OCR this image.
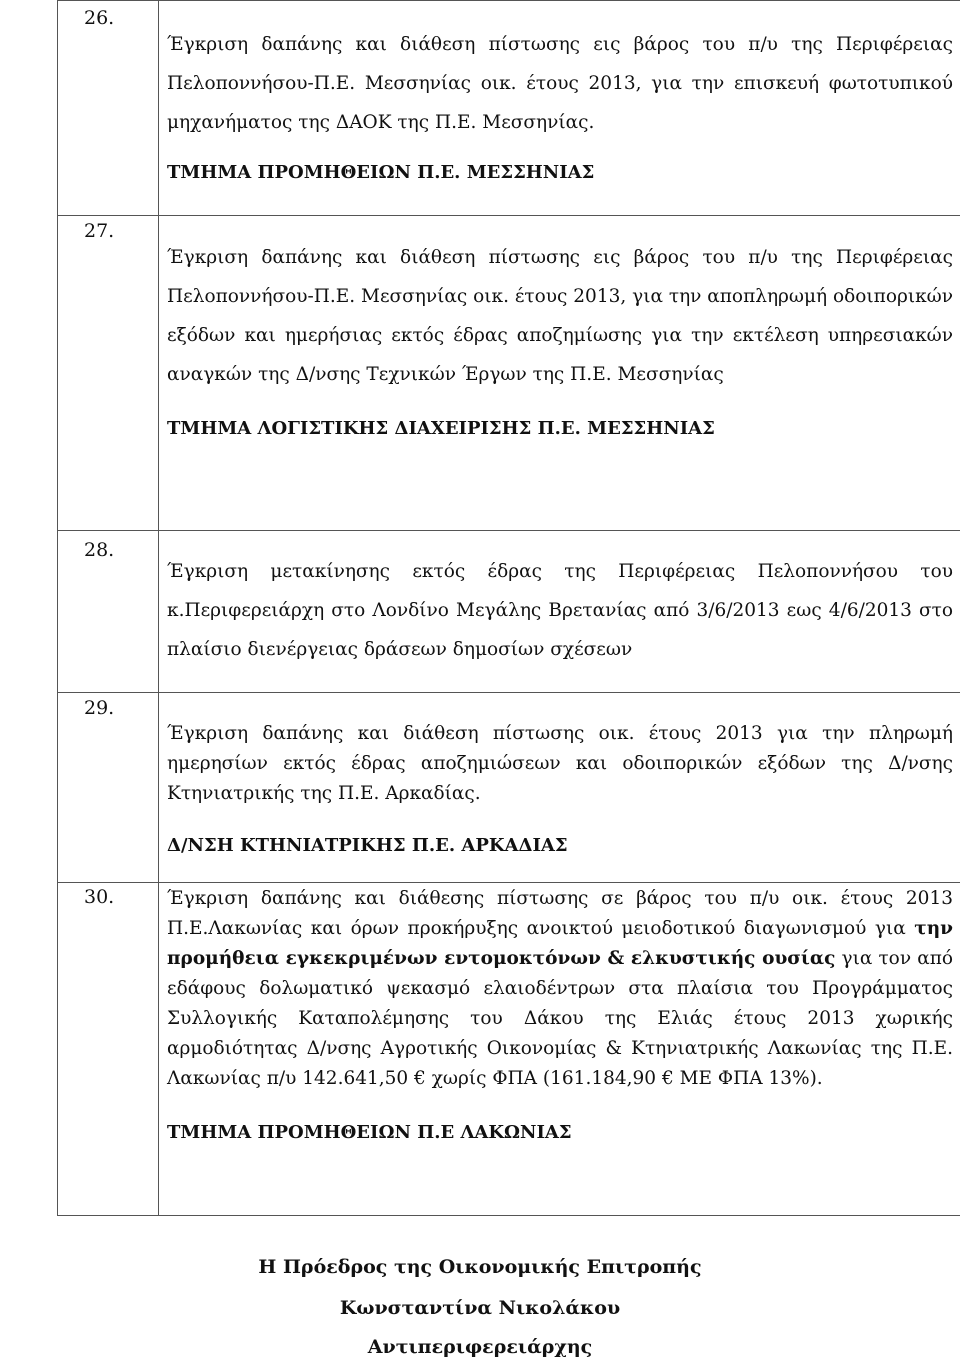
26.	Έγκριση δαπάνης και διάθεση πίστωσης εις βάρος του π/υ της Περιφέρειας Πελοποννήσου-Π.Ε. Μεσσηνίας οικ. έτους 2013, για την επισκευή φωτοτυπικού μηχανήματος της ΔΑΟΚ της Π.Ε. Μεσσηνίας.
ΤΜΗΜΑ ΠΡΟΜΗΘΕΙΩΝ Π.Ε. ΜΕΣΣΗΝΙΑΣ

27.	Έγκριση δαπάνης και διάθεση πίστωσης εις βάρος του π/υ της Περιφέρειας Πελοποννήσου-Π.Ε. Μεσσηνίας οικ. έτους 2013, για την αποπληρωμή οδοιπορικών εξόδων και ημερήσιας εκτός έδρας αποζημίωσης για την εκτέλεση υπηρεσιακών αναγκών της Δ/νσης Τεχνικών Έργων της Π.Ε. Μεσσηνίας
ΤΜΗΜΑ ΛΟΓΙΣΤΙΚΗΣ ΔΙΑΧΕΙΡΙΣΗΣ Π.Ε. ΜΕΣΣΗΝΙΑΣ

28.	Έγκριση μετακίνησης εκτός έδρας της Περιφέρειας Πελοποννήσου του κ.Περιφερειάρχη στο Λονδίνο Μεγάλης Βρετανίας από 3/6/2013 εως 4/6/2013 στο πλαίσιο διενέργειας δράσεων δημοσίων σχέσεων

29.	Έγκριση δαπάνης και διάθεση πίστωσης οικ. έτους 2013 για την πληρωμή ημερησίων εκτός έδρας αποζημιώσεων και οδοιπορικών εξόδων της Δ/νσης Κτηνιατρικής της Π.Ε. Αρκαδίας.
Δ/ΝΣΗ ΚΤΗΝΙΑΤΡΙΚΗΣ Π.Ε. ΑΡΚΑΔΙΑΣ

30.	Έγκριση δαπάνης και διάθεσης πίστωσης σε βάρος του π/υ οικ. έτους 2013 Π.Ε.Λακωνίας και όρων προκήρυξης ανοικτού μειοδοτικού διαγωνισμού για την προμήθεια εγκεκριμένων εντομοκτόνων & ελκυστικής ουσίας για τον από εδάφους δολωματικό ψεκασμό ελαιοδέντρων στα πλαίσια του Προγράμματος Συλλογικής Καταπολέμησης του Δάκου της Ελιάς έτους 2013 χωρικής αρμοδιότητας Δ/νσης Αγροτικής Οικονομίας & Κτηνιατρικής Λακωνίας της Π.Ε. Λακωνίας π/υ 142.641,50 € χωρίς ΦΠΑ (161.184,90 € ΜΕ ΦΠΑ 13%).
ΤΜΗΜΑ ΠΡΟΜΗΘΕΙΩΝ Π.Ε ΛΑΚΩΝΙΑΣ
Η Πρόεδρος της Οικονομικής Επιτροπής
Κωνσταντίνα Νικολάκου
Αντιπεριφερειάρχης
